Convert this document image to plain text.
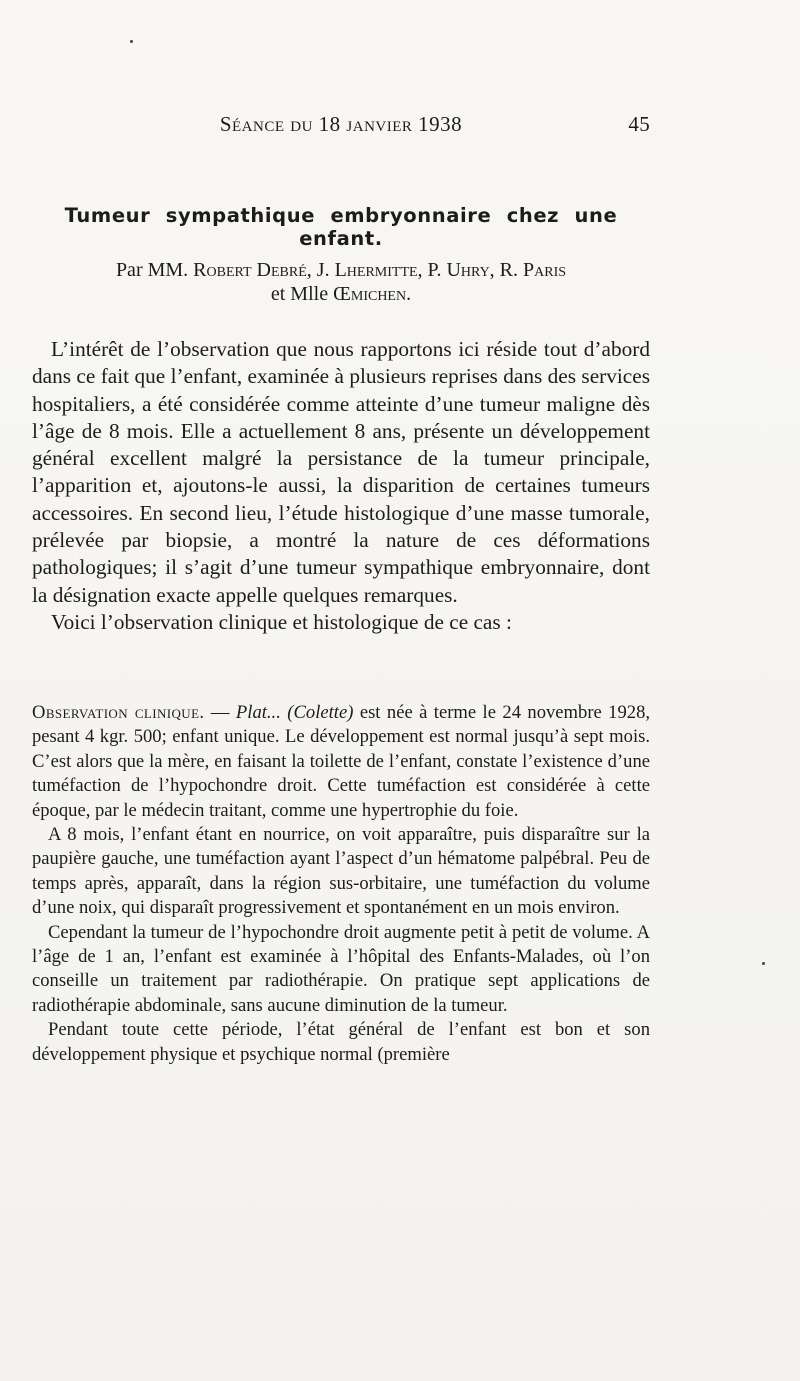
Séance du 18 janvier 1938	45
Tumeur sympathique embryonnaire chez une enfant.
Par MM. Robert Debré, J. Lhermitte, P. Uhry, R. Paris
et Mlle Œmichen.

L’intérêt de l’observation que nous rapportons ici réside tout d’abord dans ce fait que l’enfant, examinée à plusieurs reprises dans des services hospitaliers, a été considérée comme atteinte d’une tumeur maligne dès l’âge de 8 mois. Elle a actuellement 8 ans, présente un développement général excellent malgré la persistance de la tumeur principale, l’apparition et, ajoutons-le aussi, la disparition de certaines tumeurs accessoires. En second lieu, l’étude histologique d’une masse tumorale, prélevée par biopsie, a montré la nature de ces déformations pathologiques; il s’agit d’une tumeur sympathique embryonnaire, dont la désignation exacte appelle quelques remarques.

Voici l’observation clinique et histologique de ce cas :

Observation clinique. — Plat... (Colette) est née à terme le 24 novembre 1928, pesant 4 kgr. 500; enfant unique. Le développement est normal jusqu’à sept mois. C’est alors que la mère, en faisant la toilette de l’enfant, constate l’existence d’une tuméfaction de l’hypochondre droit. Cette tuméfaction est considérée à cette époque, par le médecin traitant, comme une hypertrophie du foie.

A 8 mois, l’enfant étant en nourrice, on voit apparaître, puis disparaître sur la paupière gauche, une tuméfaction ayant l’aspect d’un hématome palpébral. Peu de temps après, apparaît, dans la région sus-orbitaire, une tuméfaction du volume d’une noix, qui disparaît progressivement et spontanément en un mois environ.

Cependant la tumeur de l’hypochondre droit augmente petit à petit de volume. A l’âge de 1 an, l’enfant est examinée à l’hôpital des Enfants-Malades, où l’on conseille un traitement par radiothérapie. On pratique sept applications de radiothérapie abdominale, sans aucune diminution de la tumeur.

Pendant toute cette période, l’état général de l’enfant est bon et son développement physique et psychique normal (première
